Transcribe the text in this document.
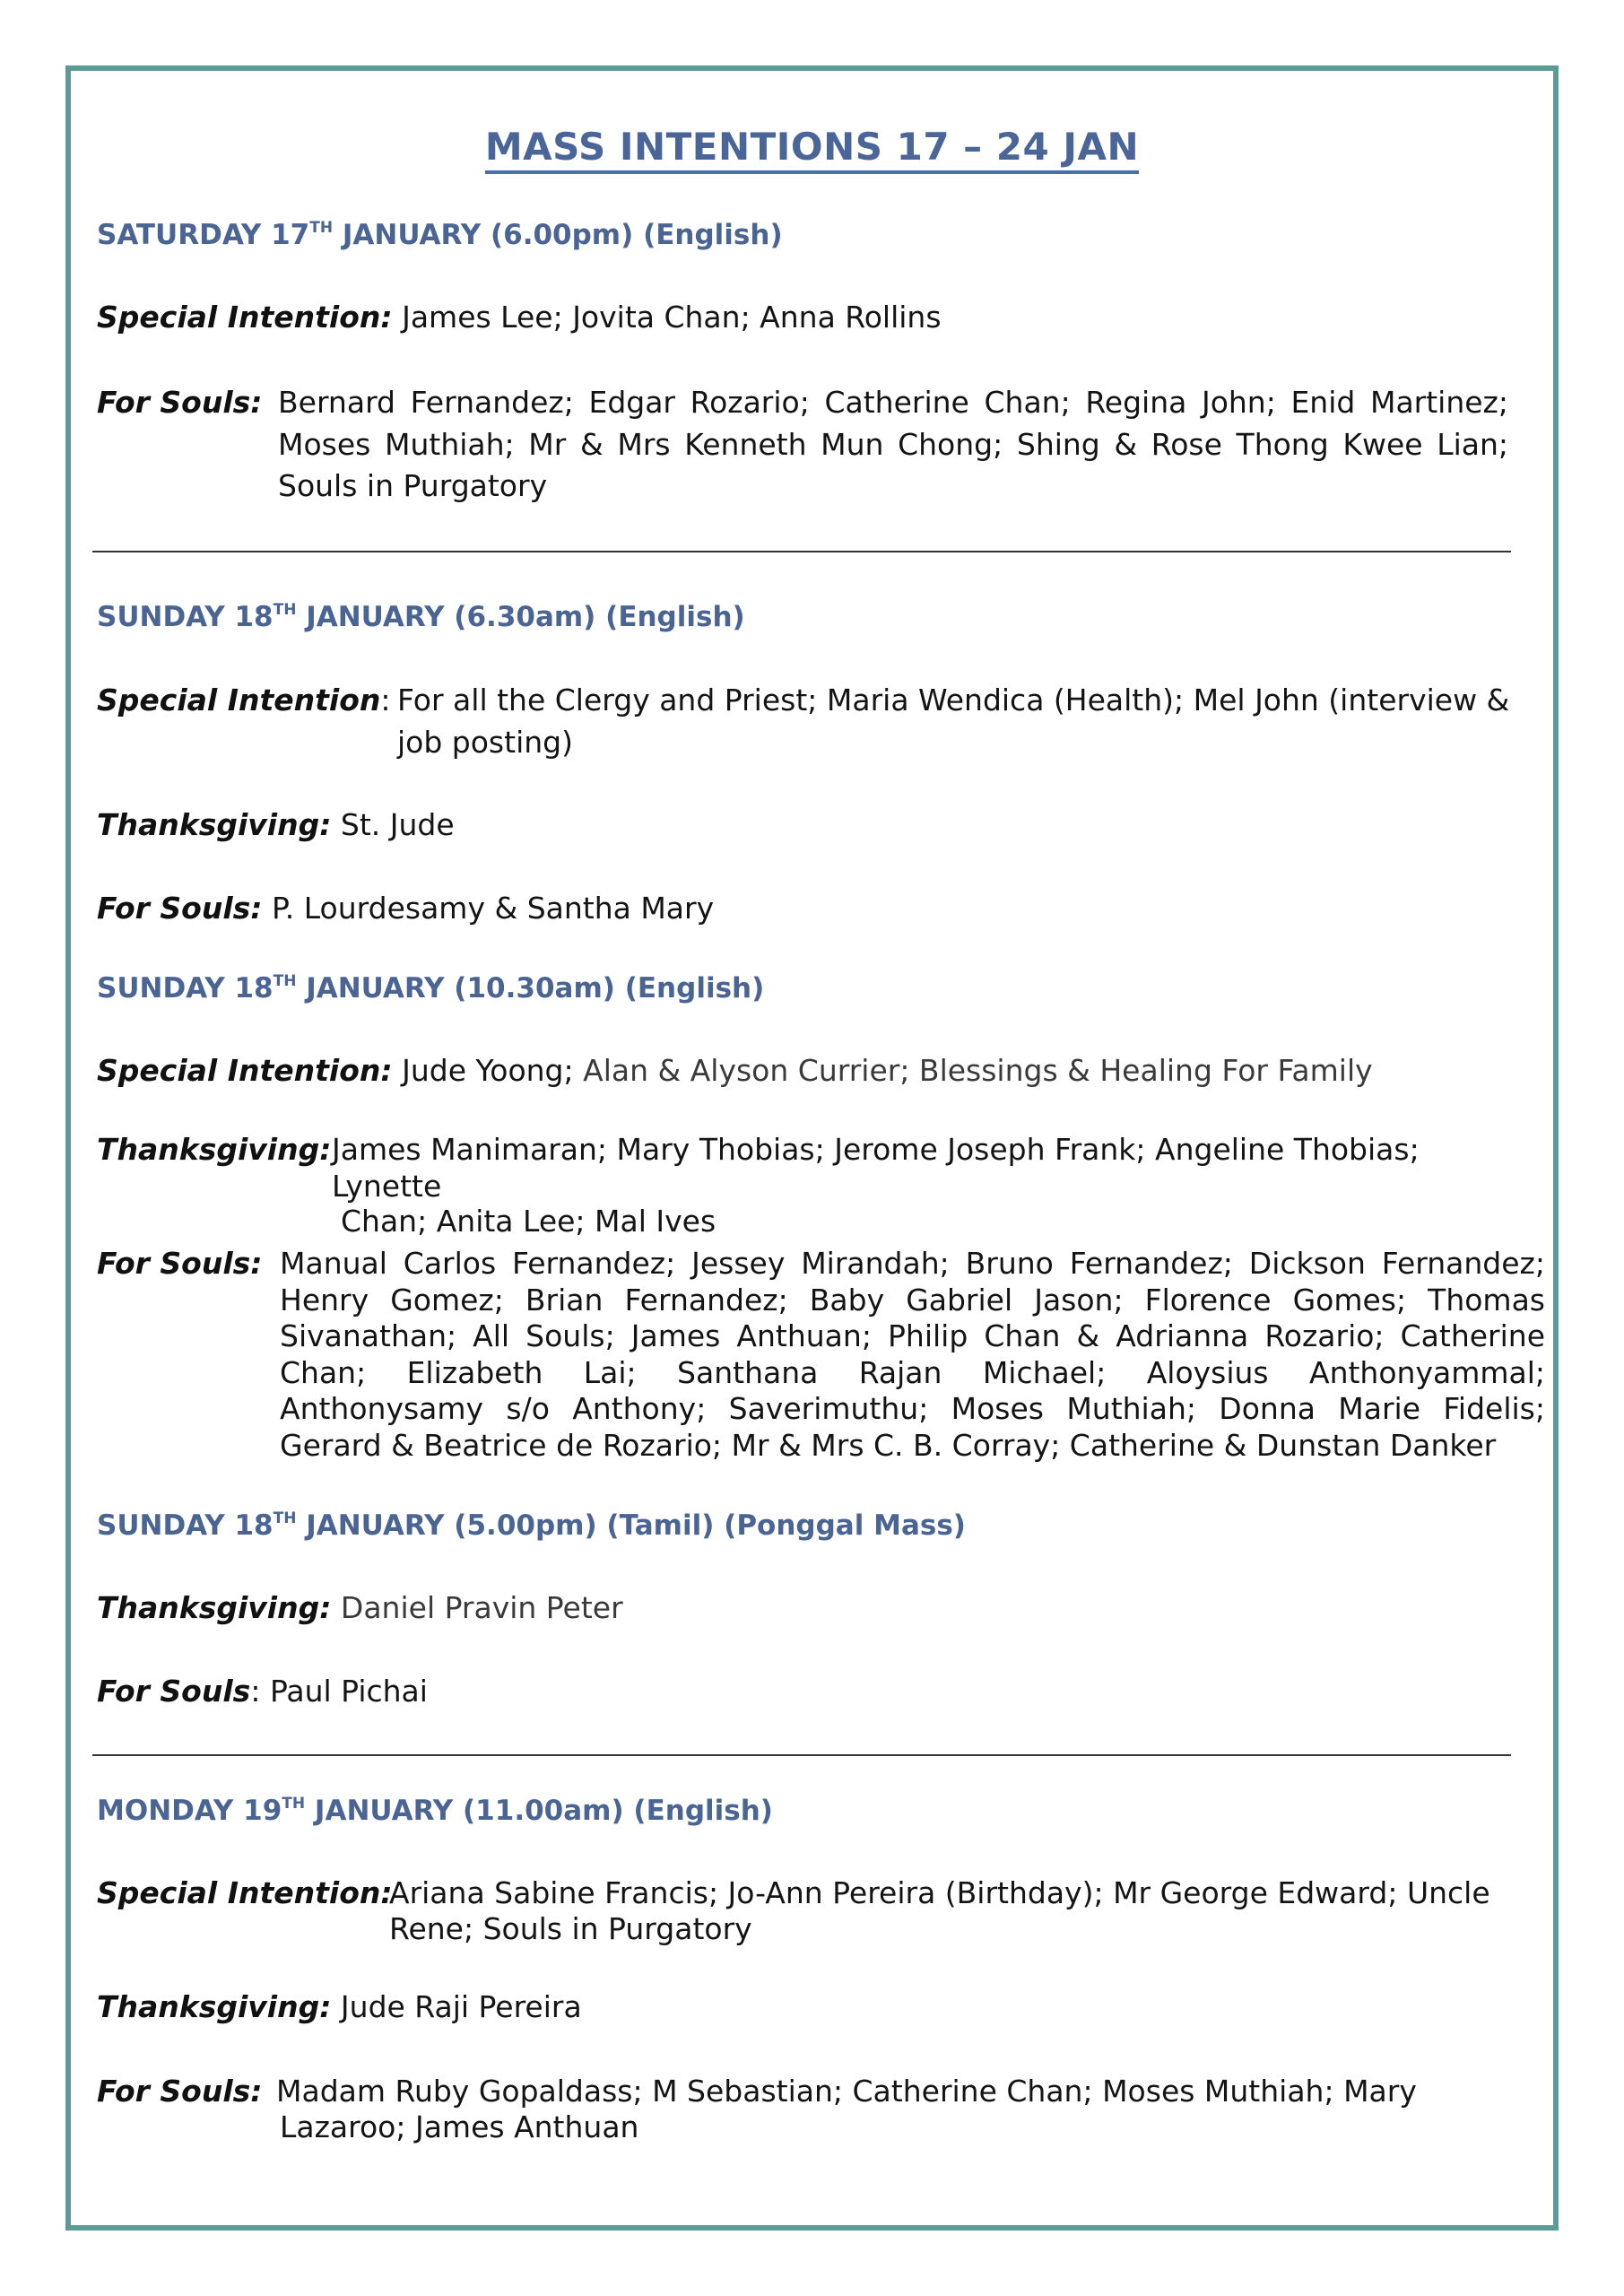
MASS INTENTIONS 17 – 24 JAN
SATURDAY 17TH JANUARY (6.00pm) (English)
Special Intention: James Lee; Jovita Chan; Anna Rollins
For Souls: Bernard Fernandez; Edgar Rozario; Catherine Chan; Regina John; Enid Martinez;
Moses Muthiah; Mr & Mrs Kenneth Mun Chong; Shing & Rose Thong Kwee Lian;
Souls in Purgatory
SUNDAY 18TH JANUARY (6.30am) (English)
Special Intention: For all the Clergy and Priest; Maria Wendica (Health); Mel John (interview &
job posting)
Thanksgiving: St. Jude
For Souls: P. Lourdesamy & Santha Mary
SUNDAY 18TH JANUARY (10.30am) (English)
Special Intention: Jude Yoong; Alan & Alyson Currier; Blessings & Healing For Family
Thanksgiving: James Manimaran; Mary Thobias; Jerome Joseph Frank; Angeline Thobias; Lynette
Chan; Anita Lee; Mal Ives
For Souls: Manual Carlos Fernandez; Jessey Mirandah; Bruno Fernandez; Dickson Fernandez;
Henry Gomez; Brian Fernandez; Baby Gabriel Jason; Florence Gomes; Thomas
Sivanathan; All Souls; James Anthuan; Philip Chan & Adrianna Rozario; Catherine
Chan; Elizabeth Lai; Santhana Rajan Michael; Aloysius Anthonyammal;
Anthonysamy s/o Anthony; Saverimuthu; Moses Muthiah; Donna Marie Fidelis;
Gerard & Beatrice de Rozario; Mr & Mrs C. B. Corray; Catherine & Dunstan Danker
SUNDAY 18TH JANUARY (5.00pm) (Tamil) (Ponggal Mass)
Thanksgiving: Daniel Pravin Peter
For Souls: Paul Pichai
MONDAY 19TH JANUARY (11.00am) (English)
Special Intention:
Ariana Sabine Francis; Jo-Ann Pereira (Birthday); Mr George Edward; Uncle
Rene; Souls in Purgatory
Thanksgiving: Jude Raji Pereira
For Souls: Madam Ruby Gopaldass; M Sebastian; Catherine Chan; Moses Muthiah; Mary
Lazaroo; James Anthuan
